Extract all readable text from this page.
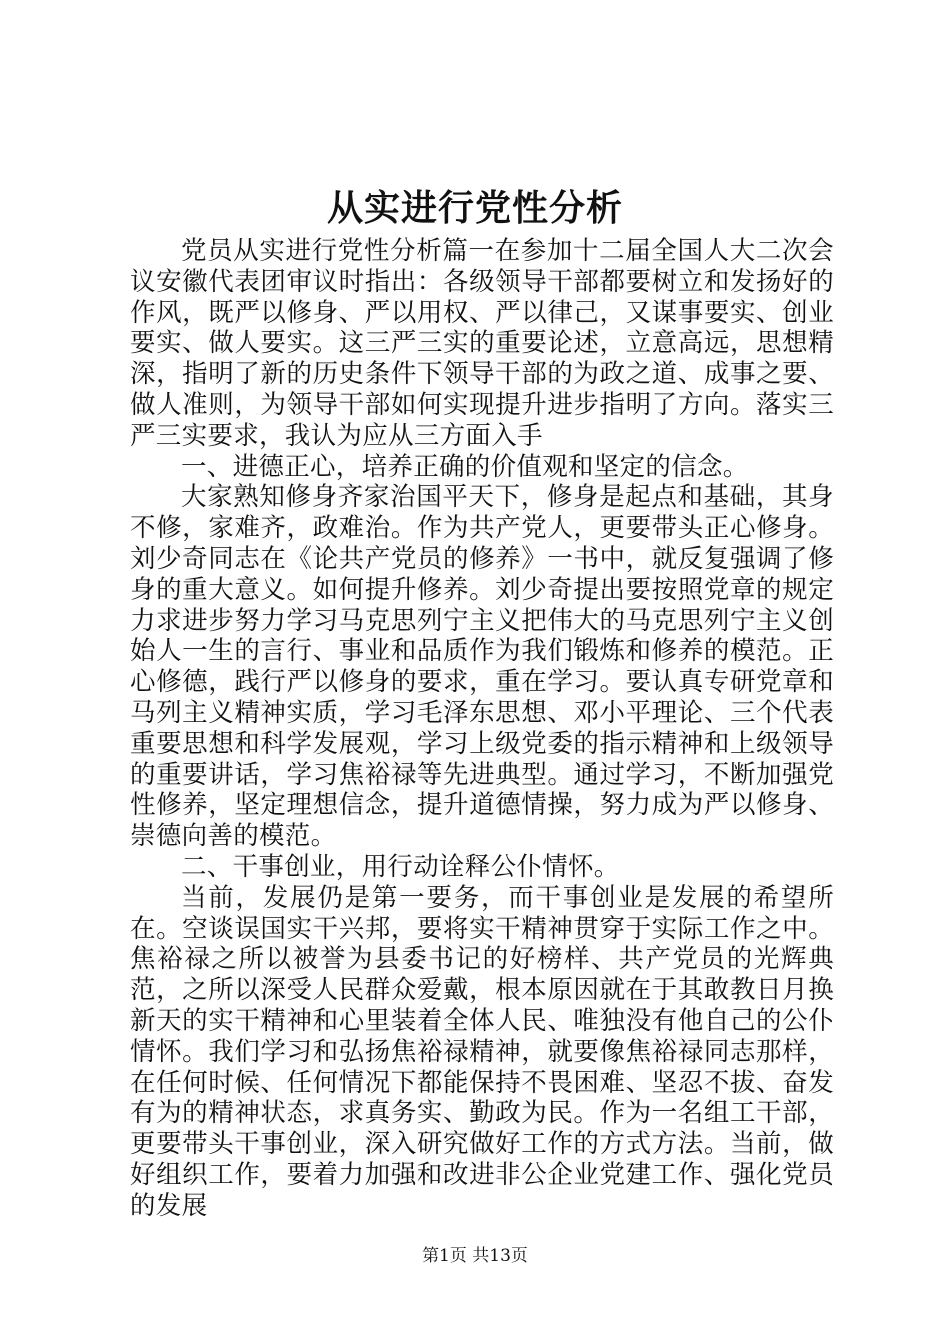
从实进行党性分析

党员从实进行党性分析篇一在参加十二届全国人大二次会议安徽代表团审议时指出：各级领导干部都要树立和发扬好的作风，既严以修身、严以用权、严以律己，又谋事要实、创业要实、做人要实。这三严三实的重要论述，立意高远，思想精深，指明了新的历史条件下领导干部的为政之道、成事之要、做人准则，为领导干部如何实现提升进步指明了方向。落实三严三实要求，我认为应从三方面入手

一、进德正心，培养正确的价值观和坚定的信念。

大家熟知修身齐家治国平天下，修身是起点和基础，其身不修，家难齐，政难治。作为共产党人，更要带头正心修身。刘少奇同志在《论共产党员的修养》一书中，就反复强调了修身的重大意义。如何提升修养。刘少奇提出要按照党章的规定力求进步努力学习马克思列宁主义把伟大的马克思列宁主义创始人一生的言行、事业和品质作为我们锻炼和修养的模范。正心修德，践行严以修身的要求，重在学习。要认真专研党章和马列主义精神实质，学习毛泽东思想、邓小平理论、三个代表重要思想和科学发展观，学习上级党委的指示精神和上级领导的重要讲话，学习焦裕禄等先进典型。通过学习，不断加强党性修养，坚定理想信念，提升道德情操，努力成为严以修身、崇德向善的模范。

二、干事创业，用行动诠释公仆情怀。

当前，发展仍是第一要务，而干事创业是发展的希望所在。空谈误国实干兴邦，要将实干精神贯穿于实际工作之中。焦裕禄之所以被誉为县委书记的好榜样、共产党员的光辉典范，之所以深受人民群众爱戴，根本原因就在于其敢教日月换新天的实干精神和心里装着全体人民、唯独没有他自己的公仆情怀。我们学习和弘扬焦裕禄精神，就要像焦裕禄同志那样，在任何时候、任何情况下都能保持不畏困难、坚忍不拔、奋发有为的精神状态，求真务实、勤政为民。作为一名组工干部，更要带头干事创业，深入研究做好工作的方式方法。当前，做好组织工作，要着力加强和改进非公企业党建工作、强化党员的发展

第1页 共13页
